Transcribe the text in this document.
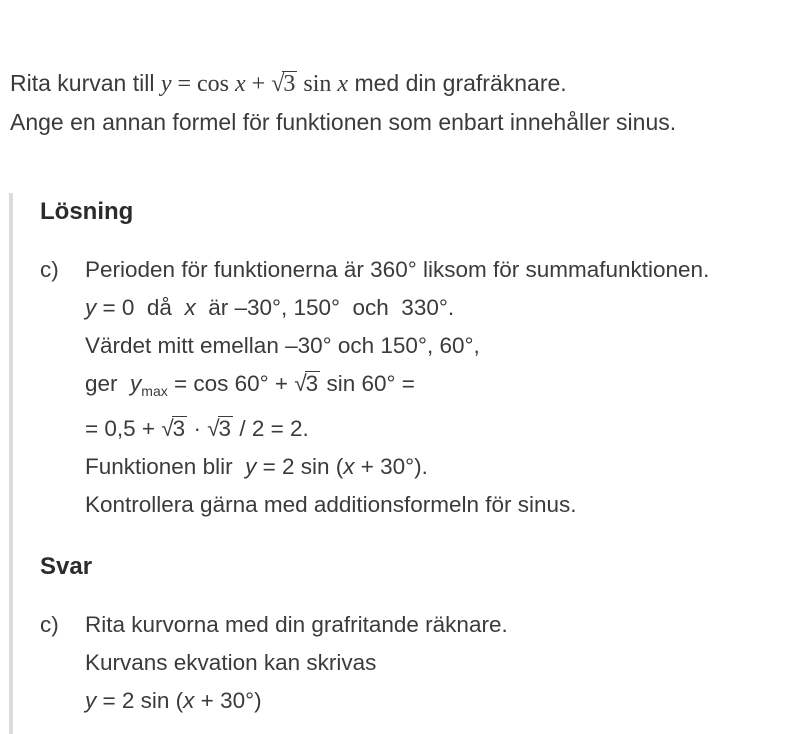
Rita kurvan till y = cos x + √3 sin x med din grafräknare.
Ange en annan formel för funktionen som enbart innehåller sinus.
Lösning
c)	Perioden för funktionerna är 360° liksom för summafunktionen.
y = 0  då  x  är –30°, 150°  och  330°.
Värdet mitt emellan –30° och 150°, 60°,
ger  $y_{max} = \cos 60^\circ + √3$ sin 60° =
= 0,5 + √3 · √3 / 2 = 2.
Funktionen blir  y = 2 sin (x + 30°).
Kontrollera gärna med additionsformeln för sinus.
Svar
c)	Rita kurvorna med din grafritande räknare.
Kurvans ekvation kan skrivas
y = 2 sin (x + 30°)
